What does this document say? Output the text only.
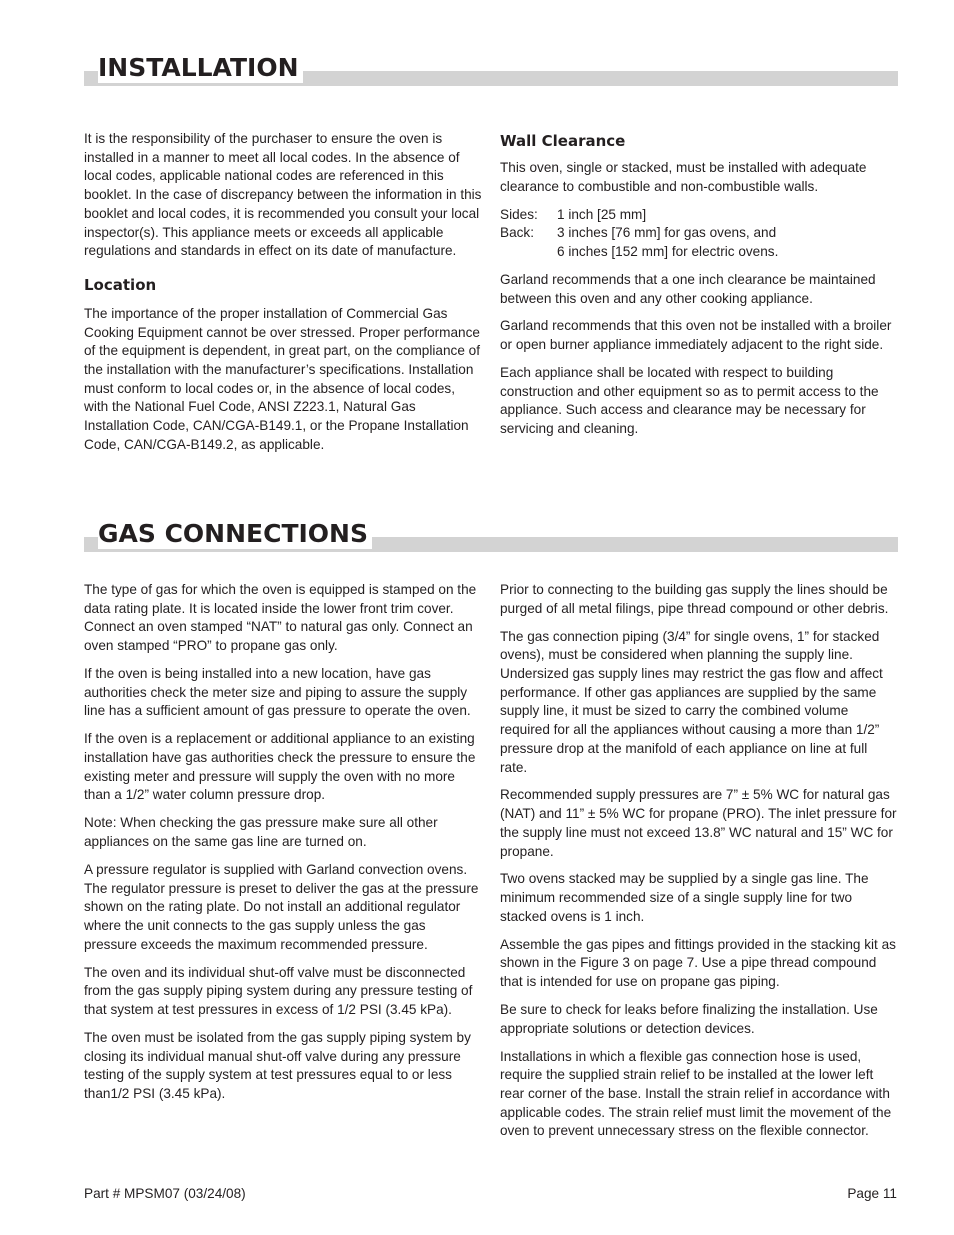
INSTALLATION

It is the responsibility of the purchaser to ensure the oven is installed in a manner to meet all local codes. In the absence of local codes, applicable national codes are referenced in this booklet. In the case of discrepancy between the information in this booklet and local codes, it is recommended you consult your local inspector(s). This appliance meets or exceeds all applicable regulations and standards in effect on its date of manufacture.

Location

The importance of the proper installation of Commercial Gas Cooking Equipment cannot be over stressed. Proper performance of the equipment is dependent, in great part, on the compliance of the installation with the manufacturer’s specifications. Installation must conform to local codes or, in the absence of local codes, with the National Fuel Code, ANSI Z223.1, Natural Gas Installation Code, CAN/CGA-B149.1, or the Propane Installation Code, CAN/CGA-B149.2, as applicable.

Wall Clearance

This oven, single or stacked, must be installed with adequate clearance to combustible and non-combustible walls.

Sides:	1 inch [25 mm]
Back:	3 inches [76 mm] for gas ovens, and
6 inches [152 mm] for electric ovens.

Garland recommends that a one inch clearance be maintained between this oven and any other cooking appliance.

Garland recommends that this oven not be installed with a broiler or open burner appliance immediately adjacent to the right side.

Each appliance shall be located with respect to building construction and other equipment so as to permit access to the appliance. Such access and clearance may be necessary for servicing and cleaning.

GAS CONNECTIONS

The type of gas for which the oven is equipped is stamped on the data rating plate. It is located inside the lower front trim cover. Connect an oven stamped “NAT” to natural gas only. Connect an oven stamped “PRO” to propane gas only.

If the oven is being installed into a new location, have gas authorities check the meter size and piping to assure the supply line has a sufficient amount of gas pressure to operate the oven.

If the oven is a replacement or additional appliance to an existing installation have gas authorities check the pressure to ensure the existing meter and pressure will supply the oven with no more than a 1/2” water column pressure drop.

Note: When checking the gas pressure make sure all other appliances on the same gas line are turned on.

A pressure regulator is supplied with Garland convection ovens. The regulator pressure is preset to deliver the gas at the pressure shown on the rating plate. Do not install an additional regulator where the unit connects to the gas supply unless the gas pressure exceeds the maximum recommended pressure.

The oven and its individual shut-off valve must be disconnected from the gas supply piping system during any pressure testing of that system at test pressures in excess of 1/2 PSI (3.45 kPa).

The oven must be isolated from the gas supply piping system by closing its individual manual shut-off valve during any pressure testing of the supply system at test pressures equal to or less than1/2 PSI (3.45 kPa).

Prior to connecting to the building gas supply the lines should be purged of all metal filings, pipe thread compound or other debris.

The gas connection piping (3/4” for single ovens, 1” for stacked ovens), must be considered when planning the supply line. Undersized gas supply lines may restrict the gas flow and affect performance. If other gas appliances are supplied by the same supply line, it must be sized to carry the combined volume required for all the appliances without causing a more than 1/2” pressure drop at the manifold of each appliance on line at full rate.

Recommended supply pressures are 7” ± 5% WC for natural gas (NAT) and 11” ± 5% WC for propane (PRO). The inlet pressure for the supply line must not exceed 13.8” WC natural and 15” WC for propane.

Two ovens stacked may be supplied by a single gas line. The minimum recommended size of a single supply line for two stacked ovens is 1 inch.

Assemble the gas pipes and fittings provided in the stacking kit as shown in the Figure 3 on page 7. Use a pipe thread compound that is intended for use on propane gas piping.

Be sure to check for leaks before finalizing the installation. Use appropriate solutions or detection devices.

Installations in which a flexible gas connection hose is used, require the supplied strain relief to be installed at the lower left rear corner of the base. Install the strain relief in accordance with applicable codes. The strain relief must limit the movement of the oven to prevent unnecessary stress on the flexible connector.

Part # MPSM07 (03/24/08)	Page 11
